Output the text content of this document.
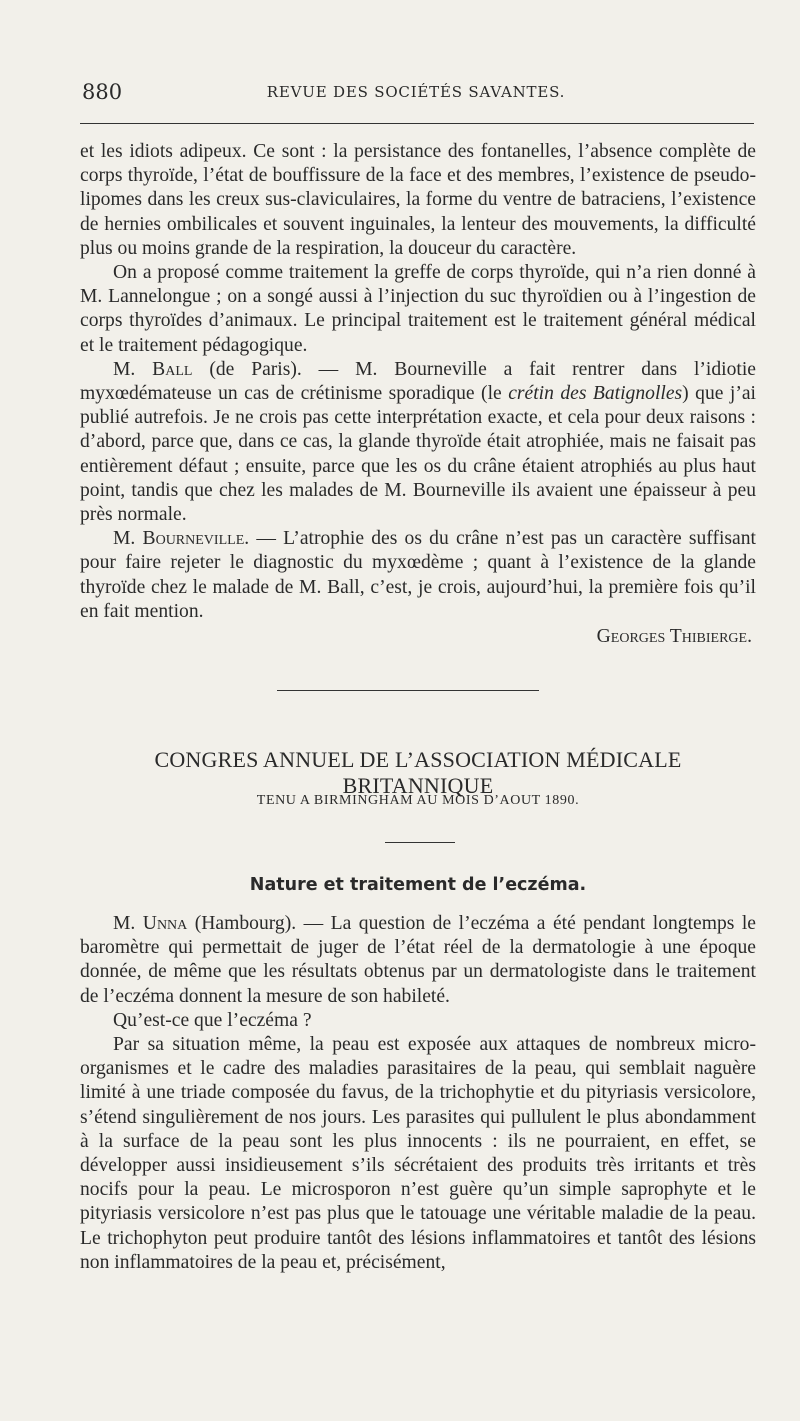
880	REVUE DES SOCIÉTÉS SAVANTES.

et les idiots adipeux. Ce sont : la persistance des fontanelles, l’absence complète de corps thyroïde, l’état de bouffissure de la face et des membres, l’existence de pseudo-lipomes dans les creux sus-claviculaires, la forme du ventre de batraciens, l’existence de hernies ombilicales et souvent inguinales, la lenteur des mouvements, la difficulté plus ou moins grande de la respiration, la douceur du caractère.

On a proposé comme traitement la greffe de corps thyroïde, qui n’a rien donné à M. Lannelongue ; on a songé aussi à l’injection du suc thyroïdien ou à l’ingestion de corps thyroïdes d’animaux. Le principal traitement est le traitement général médical et le traitement pédagogique.

M. Ball (de Paris). — M. Bourneville a fait rentrer dans l’idiotie myxœdémateuse un cas de crétinisme sporadique (le crétin des Batignolles) que j’ai publié autrefois. Je ne crois pas cette interprétation exacte, et cela pour deux raisons : d’abord, parce que, dans ce cas, la glande thyroïde était atrophiée, mais ne faisait pas entièrement défaut ; ensuite, parce que les os du crâne étaient atrophiés au plus haut point, tandis que chez les malades de M. Bourneville ils avaient une épaisseur à peu près normale.

M. Bourneville. — L’atrophie des os du crâne n’est pas un caractère suffisant pour faire rejeter le diagnostic du myxœdème ; quant à l’existence de la glande thyroïde chez le malade de M. Ball, c’est, je crois, aujourd’hui, la première fois qu’il en fait mention.

Georges Thibierge.

CONGRES ANNUEL DE L’ASSOCIATION MÉDICALE BRITANNIQUE
TENU A BIRMINGHAM AU MOIS D’AOUT 1890.
Nature et traitement de l’eczéma.

M. Unna (Hambourg). — La question de l’eczéma a été pendant longtemps le baromètre qui permettait de juger de l’état réel de la dermatologie à une époque donnée, de même que les résultats obtenus par un dermatologiste dans le traitement de l’eczéma donnent la mesure de son habileté.

Qu’est-ce que l’eczéma ?

Par sa situation même, la peau est exposée aux attaques de nombreux micro-organismes et le cadre des maladies parasitaires de la peau, qui semblait naguère limité à une triade composée du favus, de la trichophytie et du pityriasis versicolore, s’étend singulièrement de nos jours. Les parasites qui pullulent le plus abondamment à la surface de la peau sont les plus innocents : ils ne pourraient, en effet, se développer aussi insidieusement s’ils sécrétaient des produits très irritants et très nocifs pour la peau. Le microsporon n’est guère qu’un simple saprophyte et le pityriasis versicolore n’est pas plus que le tatouage une véritable maladie de la peau. Le trichophyton peut produire tantôt des lésions inflammatoires et tantôt des lésions non inflammatoires de la peau et, précisément,
